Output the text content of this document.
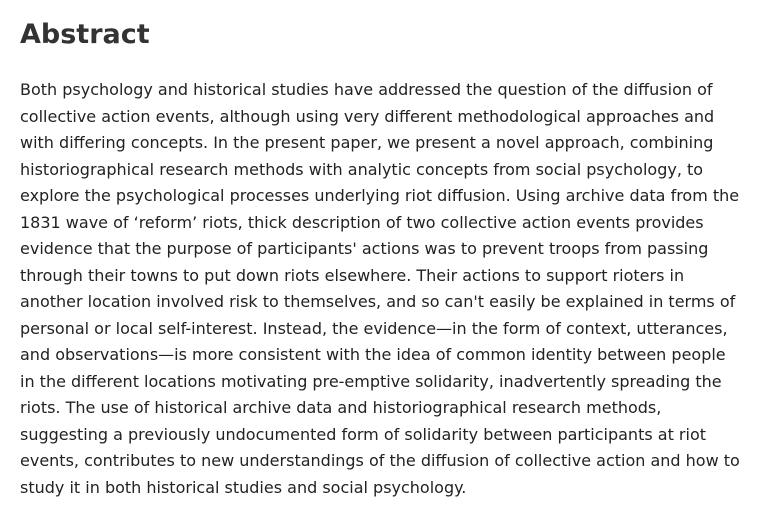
Abstract

Both psychology and historical studies have addressed the question of the diffusion of
collective action events, although using very different methodological approaches and
with differing concepts. In the present paper, we present a novel approach, combining
historiographical research methods with analytic concepts from social psychology, to
explore the psychological processes underlying riot diffusion. Using archive data from the
1831 wave of ‘reform’ riots, thick description of two collective action events provides
evidence that the purpose of participants' actions was to prevent troops from passing
through their towns to put down riots elsewhere. Their actions to support rioters in
another location involved risk to themselves, and so can't easily be explained in terms of
personal or local self-interest. Instead, the evidence—in the form of context, utterances,
and observations—is more consistent with the idea of common identity between people
in the different locations motivating pre-emptive solidarity, inadvertently spreading the
riots. The use of historical archive data and historiographical research methods,
suggesting a previously undocumented form of solidarity between participants at riot
events, contributes to new understandings of the diffusion of collective action and how to
study it in both historical studies and social psychology.
